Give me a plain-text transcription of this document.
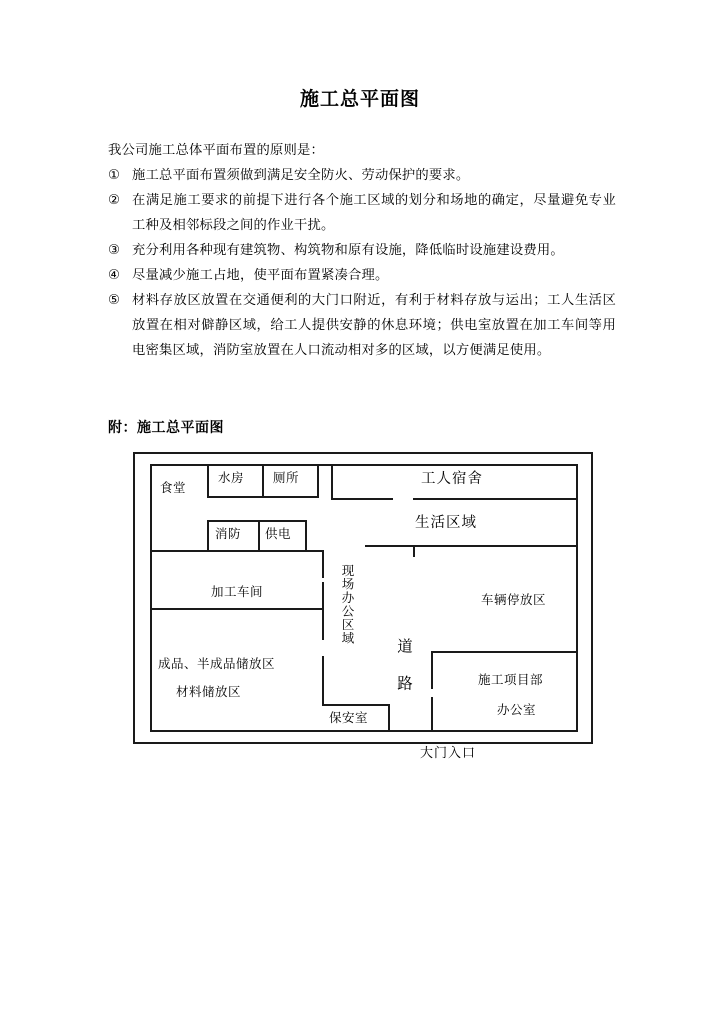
施工总平面图
我公司施工总体平面布置的原则是：
① 施工总平面布置须做到满足安全防火、劳动保护的要求。
② 在满足施工要求的前提下进行各个施工区域的划分和场地的确定，尽量避免专业工种及相邻标段之间的作业干扰。
③ 充分利用各种现有建筑物、构筑物和原有设施，降低临时设施建设费用。
④ 尽量减少施工占地，使平面布置紧凑合理。
⑤ 材料存放区放置在交通便利的大门口附近，有利于材料存放与运出；工人生活区放置在相对僻静区域，给工人提供安静的休息环境；供电室放置在加工车间等用电密集区域，消防室放置在人口流动相对多的区域，以方便满足使用。
附：施工总平面图
食堂
水房 厕所
消防 供电
加工车间
成品、半成品储放区
材料储放区
保安室
现场办公区域
道　路
工人宿舍
生活区域
车辆停放区
施工项目部
办公室
大门入口
